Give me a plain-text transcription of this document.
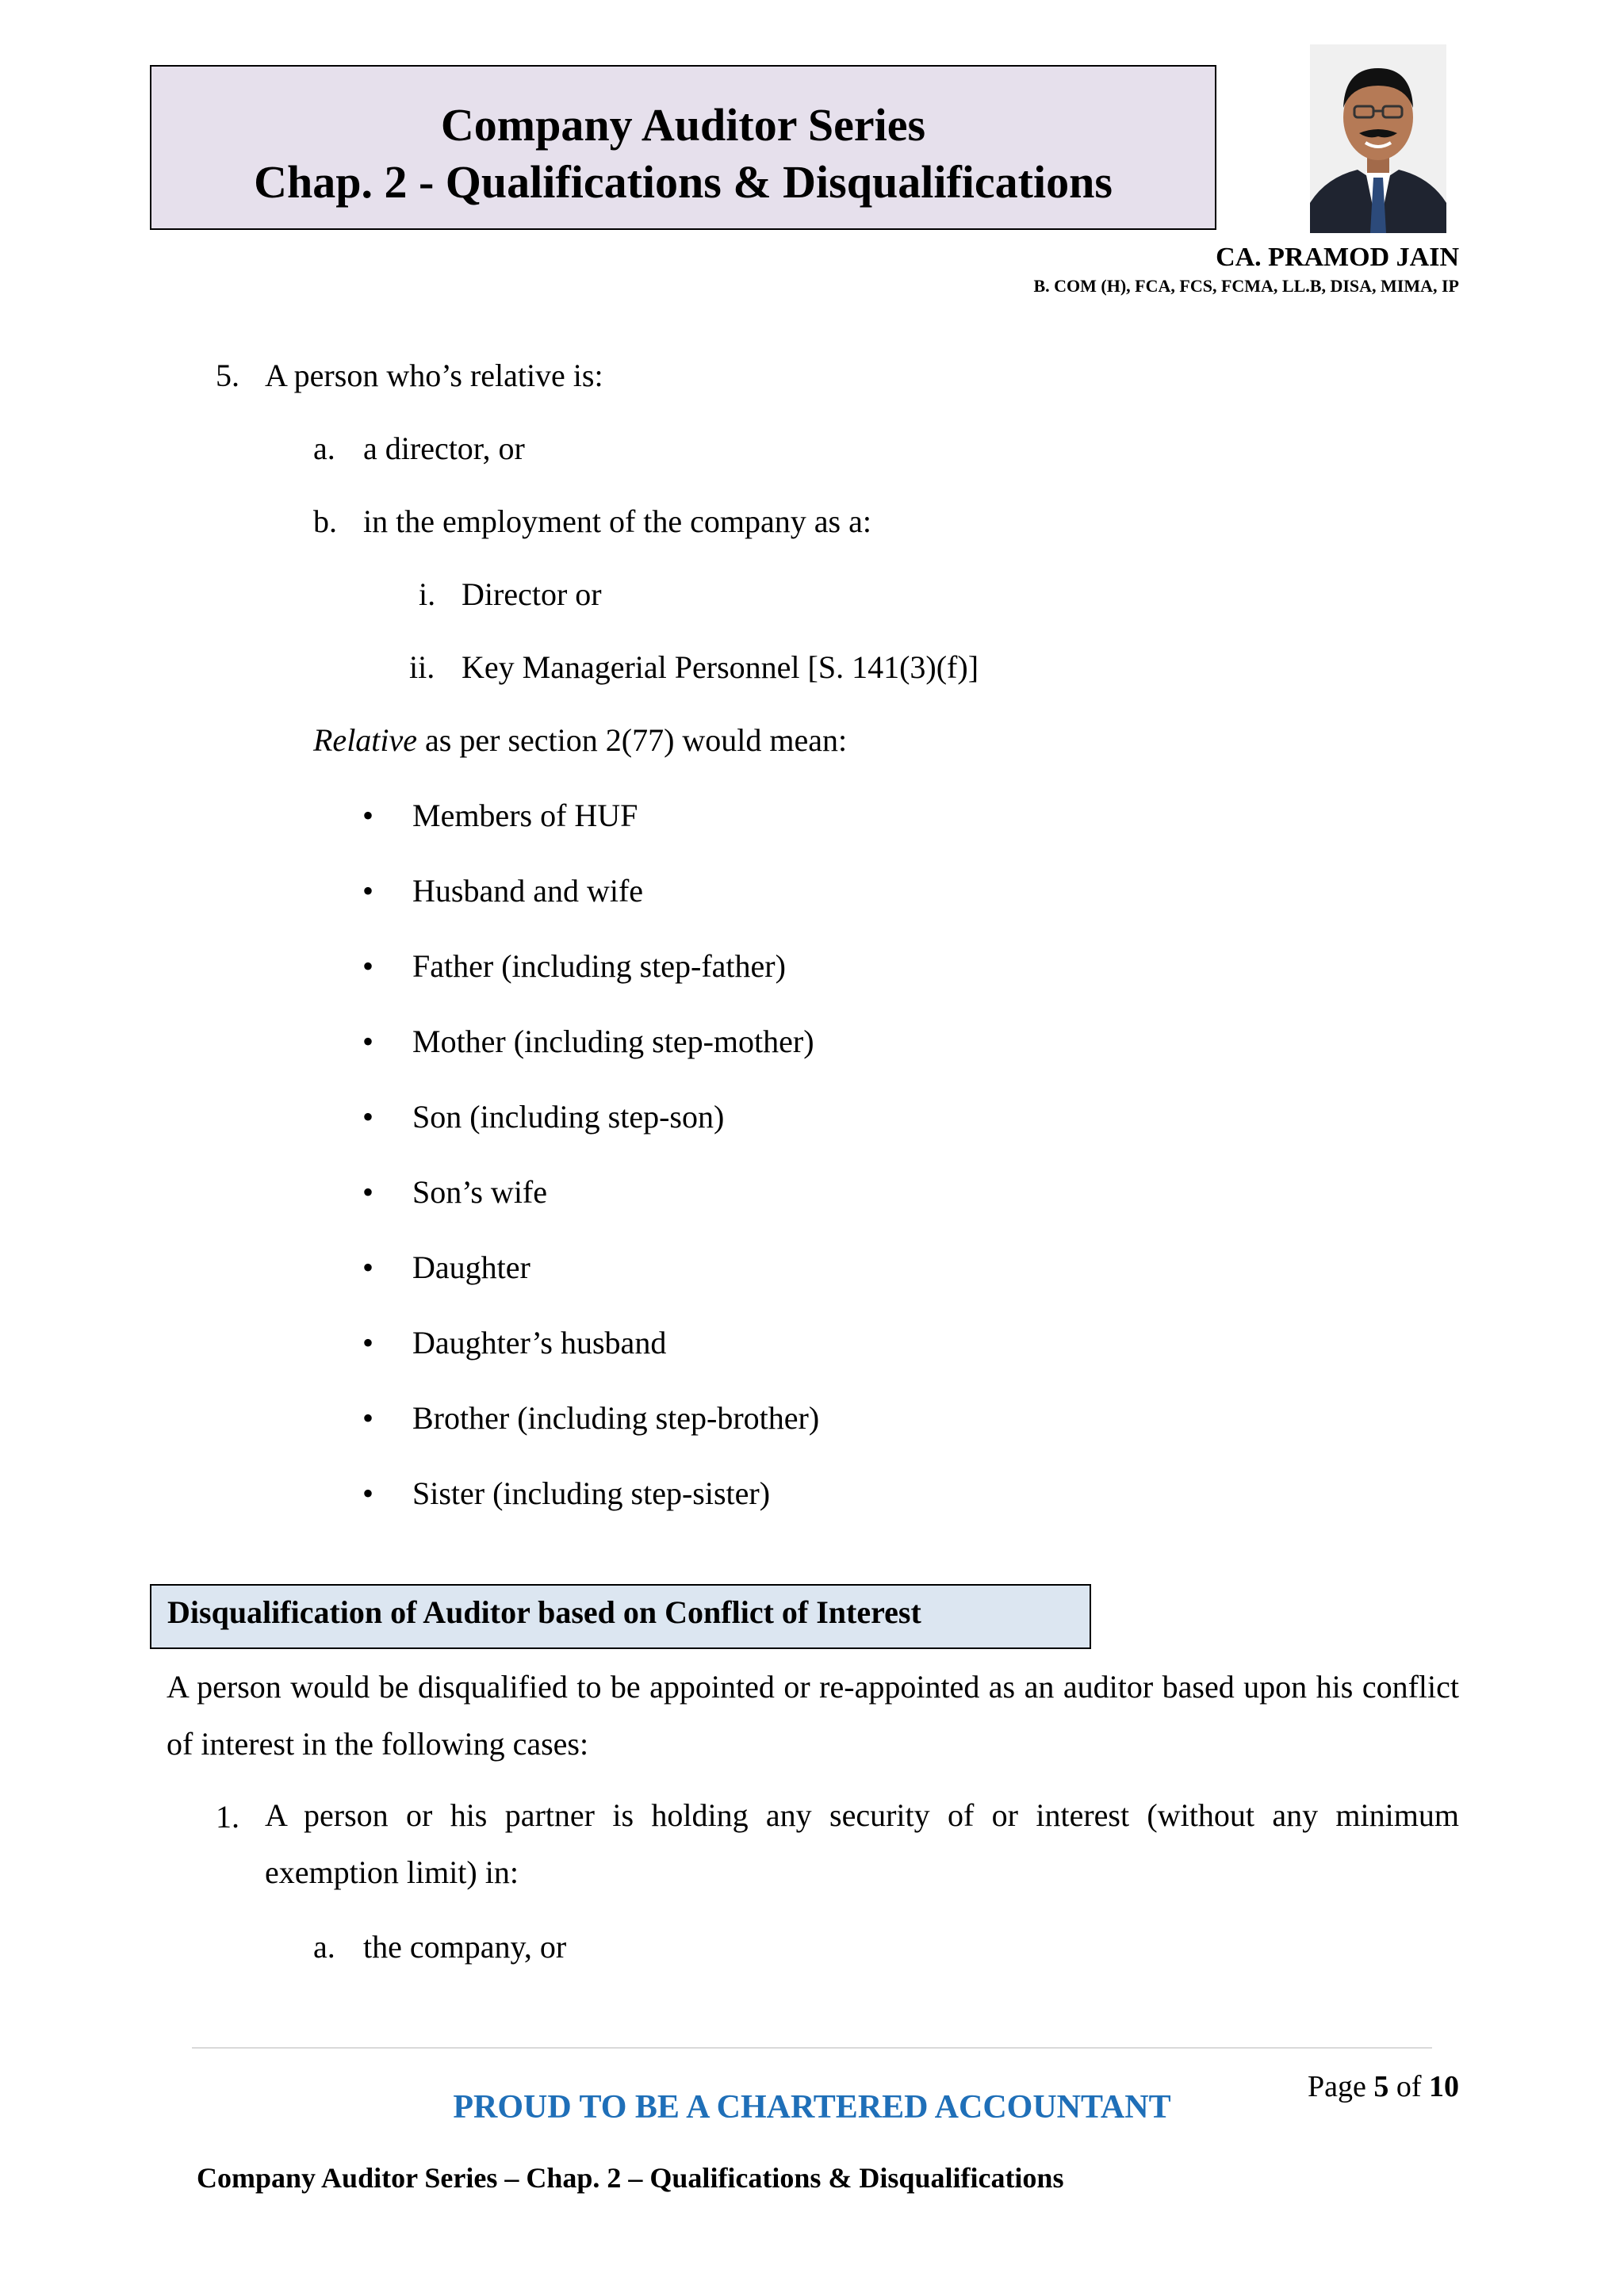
Company Auditor Series
Chap. 2 - Qualifications & Disqualifications
CA. PRAMOD JAIN
B. COM (H), FCA, FCS, FCMA, LL.B, DISA, MIMA, IP
5. A person who’s relative is:
a. a director, or
b. in the employment of the company as a:
i. Director or
ii. Key Managerial Personnel [S. 141(3)(f)]
Relative as per section 2(77) would mean:
• Members of HUF
• Husband and wife
• Father (including step-father)
• Mother (including step-mother)
• Son (including step-son)
• Son’s wife
• Daughter
• Daughter’s husband
• Brother (including step-brother)
• Sister (including step-sister)
Disqualification of Auditor based on Conflict of Interest
A person would be disqualified to be appointed or re-appointed as an auditor based upon his conflict of interest in the following cases:
1. A person or his partner is holding any security of or interest (without any minimum exemption limit) in:
a. the company, or
Page 5 of 10
PROUD TO BE A CHARTERED ACCOUNTANT
Company Auditor Series – Chap. 2 – Qualifications & Disqualifications
